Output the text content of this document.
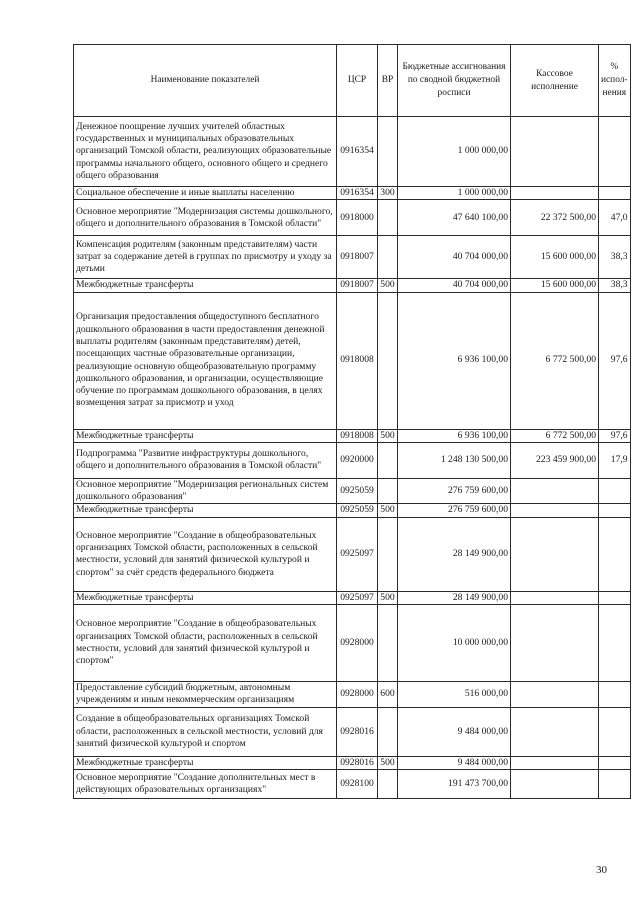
Наименование показателей	ЦСР	ВР	Бюджетные ассигнования по сводной бюджетной росписи	Кассовое исполнение	% испол-нения
Денежное поощрение лучших учителей областных государственных и муниципальных образовательных организаций Томской области, реализующих образовательные программы начального общего, основного общего и среднего общего образования	0916354		1 000 000,00		
Социальное обеспечение и иные выплаты населению	0916354	300	1 000 000,00		
Основное мероприятие "Модернизация системы дошкольного, общего и дополнительного образования в Томской области"	0918000		47 640 100,00	22 372 500,00	47,0
Компенсация родителям (законным представителям) части затрат за содержание детей в группах по присмотру и уходу за детьми	0918007		40 704 000,00	15 600 000,00	38,3
Межбюджетные трансферты	0918007	500	40 704 000,00	15 600 000,00	38,3
Организация предоставления общедоступного бесплатного дошкольного образования в части предоставления денежной выплаты родителям (законным представителям) детей, посещающих частные образовательные организации, реализующие основную общеобразовательную программу дошкольного образования, и организации, осуществляющие обучение по программам дошкольного образования, в целях возмещения затрат за присмотр и уход	0918008		6 936 100,00	6 772 500,00	97,6
Межбюджетные трансферты	0918008	500	6 936 100,00	6 772 500,00	97,6
Подпрограмма "Развитие инфраструктуры дошкольного, общего и дополнительного образования в Томской области"	0920000		1 248 130 500,00	223 459 900,00	17,9
Основное мероприятие "Модернизация региональных систем дошкольного образования"	0925059		276 759 600,00		
Межбюджетные трансферты	0925059	500	276 759 600,00		
Основное мероприятие "Создание в общеобразовательных организациях Томской области, расположенных в сельской местности, условий для занятий физической культурой и спортом" за счёт средств федерального бюджета	0925097		28 149 900,00		
Межбюджетные трансферты	0925097	500	28 149 900,00		
Основное мероприятие "Создание в общеобразовательных организациях Томской области, расположенных в сельской местности, условий для занятий физической культурой и спортом"	0928000		10 000 000,00		
Предоставление субсидий бюджетным, автономным учреждениям и иным некоммерческим организациям	0928000	600	516 000,00		
Создание в общеобразовательных организациях Томской области, расположенных в сельской местности, условий для занятий физической культурой и спортом	0928016		9 484 000,00		
Межбюджетные трансферты	0928016	500	9 484 000,00		
Основное мероприятие "Создание дополнительных мест в действующих образовательных организациях"	0928100		191 473 700,00		
30
